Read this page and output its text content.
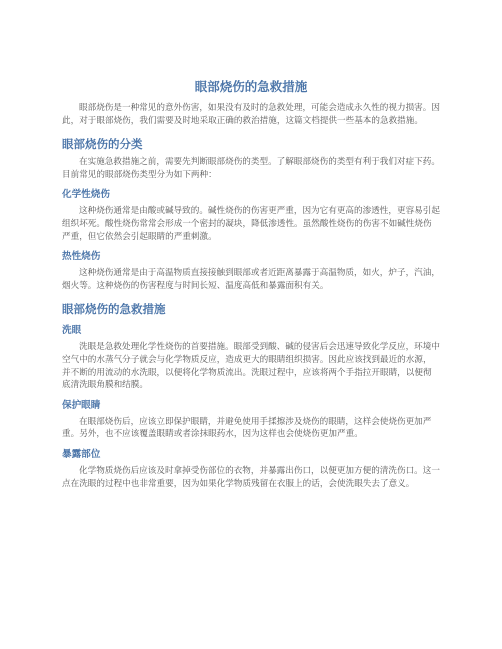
眼部烧伤的急救措施

眼部烧伤是一种常见的意外伤害，如果没有及时的急救处理，可能会造成永久性的视力损害。因此，对于眼部烧伤，我们需要及时地采取正确的救治措施，这篇文档提供一些基本的急救措施。

眼部烧伤的分类

在实施急救措施之前，需要先判断眼部烧伤的类型。了解眼部烧伤的类型有利于我们对症下药。目前常见的眼部烧伤类型分为如下两种：

化学性烧伤

这种烧伤通常是由酸或碱导致的。碱性烧伤的伤害更严重，因为它有更高的渗透性，更容易引起组织坏死。酸性烧伤常常会形成一个密封的凝块，降低渗透性。虽然酸性烧伤的伤害不如碱性烧伤严重，但它依然会引起眼睛的严重刺激。

热性烧伤

这种烧伤通常是由于高温物质直接接触到眼部或者近距离暴露于高温物质，如火，炉子，汽油，烟火等。这种烧伤的伤害程度与时间长短、温度高低和暴露面积有关。

眼部烧伤的急救措施
洗眼

洗眼是急救处理化学性烧伤的首要措施。眼部受到酸、碱的侵害后会迅速导致化学反应，环境中空气中的水蒸气分子就会与化学物质反应，造成更大的眼睛组织损害。因此应该找到最近的水源，并不断的用流动的水洗眼，以便将化学物质流出。洗眼过程中，应该将两个手指拉开眼睛，以便彻底清洗眼角膜和结膜。

保护眼睛

在眼部烧伤后，应该立即保护眼睛，并避免使用手揉擦涉及烧伤的眼睛，这样会使烧伤更加严重。另外，也不应该覆盖眼睛或者涂抹眼药水，因为这样也会使烧伤更加严重。

暴露部位

化学物质烧伤后应该及时拿掉受伤部位的衣物，并暴露出伤口，以便更加方便的清洗伤口。这一点在洗眼的过程中也非常重要，因为如果化学物质残留在衣服上的话，会使洗眼失去了意义。
